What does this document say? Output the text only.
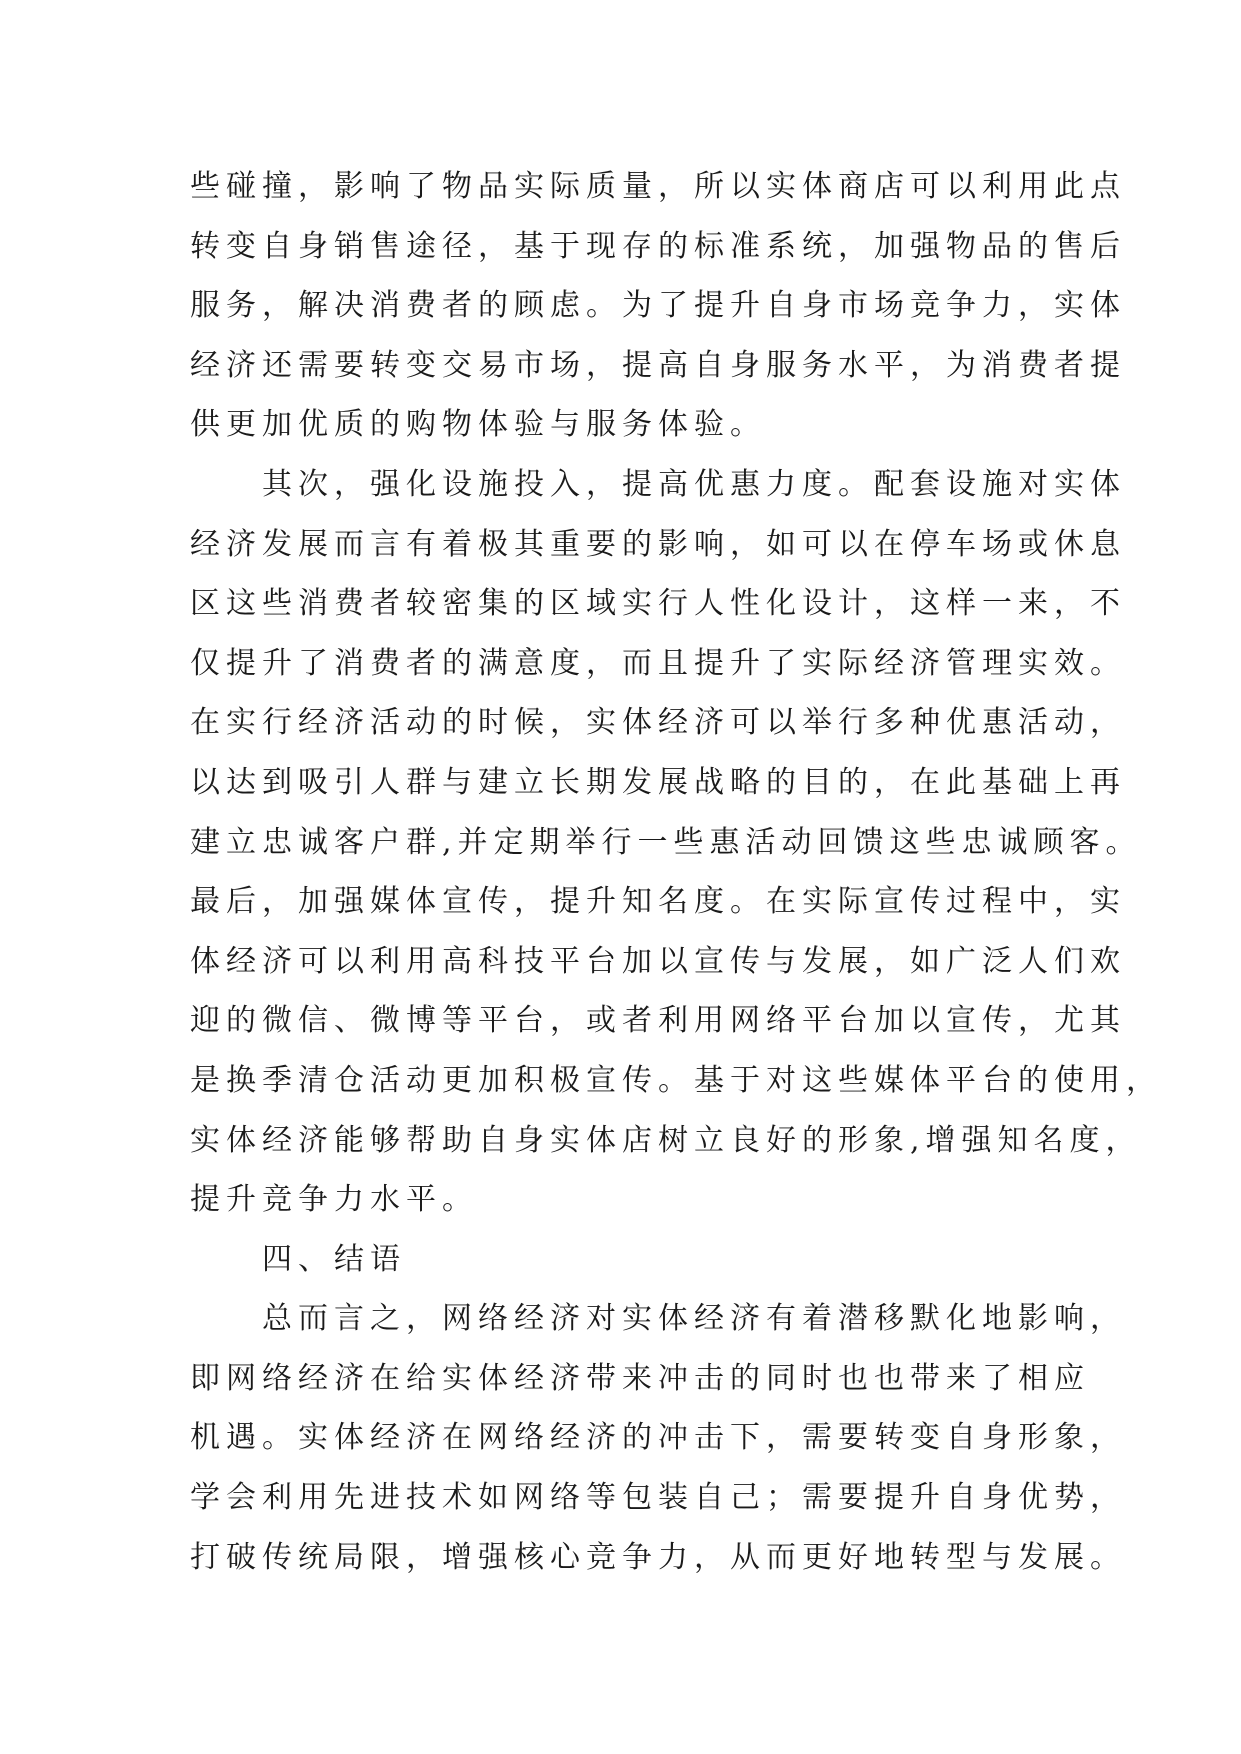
些碰撞，影响了物品实际质量，所以实体商店可以利用此点
转变自身销售途径，基于现存的标准系统，加强物品的售后
服务，解决消费者的顾虑。为了提升自身市场竞争力，实体
经济还需要转变交易市场，提高自身服务水平，为消费者提
供更加优质的购物体验与服务体验。
其次，强化设施投入，提高优惠力度。配套设施对实体
经济发展而言有着极其重要的影响，如可以在停车场或休息
区这些消费者较密集的区域实行人性化设计，这样一来，不
仅提升了消费者的满意度，而且提升了实际经济管理实效。
在实行经济活动的时候，实体经济可以举行多种优惠活动，
以达到吸引人群与建立长期发展战略的目的，在此基础上再
建立忠诚客户群,并定期举行一些惠活动回馈这些忠诚顾客。
最后，加强媒体宣传，提升知名度。在实际宣传过程中，实
体经济可以利用高科技平台加以宣传与发展，如广泛人们欢
迎的微信、微博等平台，或者利用网络平台加以宣传，尤其
是换季清仓活动更加积极宣传。基于对这些媒体平台的使用，
实体经济能够帮助自身实体店树立良好的形象,增强知名度，
提升竞争力水平。
四、结语
总而言之，网络经济对实体经济有着潜移默化地影响，
即网络经济在给实体经济带来冲击的同时也也带来了相应
机遇。实体经济在网络经济的冲击下，需要转变自身形象，
学会利用先进技术如网络等包装自己；需要提升自身优势，
打破传统局限，增强核心竞争力，从而更好地转型与发展。
